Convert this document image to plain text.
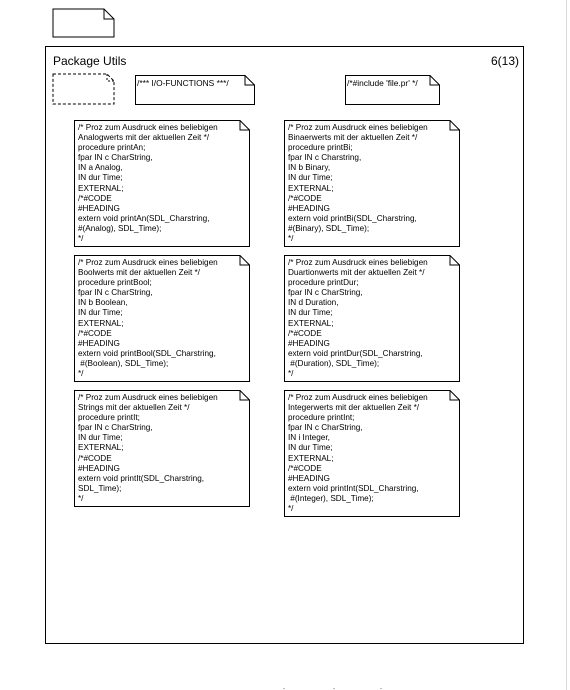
Package Utils	6(13)
/*** I/O-FUNCTIONS ***/	/*#include 'file.pr' */
/* Proz zum Ausdruck eines beliebigen
Analogwerts mit der aktuellen Zeit */
procedure printAn;
fpar IN c CharString,
IN a Analog,
IN dur Time;
EXTERNAL;
/*#CODE
#HEADING
extern void printAn(SDL_Charstring,
#(Analog), SDL_Time);
*/
/* Proz zum Ausdruck eines beliebigen
Binaerwerts mit der aktuellen Zeit */
procedure printBi;
fpar IN c Charstring,
IN b Binary,
IN dur Time;
EXTERNAL;
/*#CODE
#HEADING
extern void printBi(SDL_Charstring,
#(Binary), SDL_Time);
*/
/* Proz zum Ausdruck eines beliebigen
Boolwerts mit der aktuellen Zeit */
procedure printBool;
fpar IN c CharString,
IN b Boolean,
IN dur Time;
EXTERNAL;
/*#CODE
#HEADING
extern void printBool(SDL_Charstring,
#(Boolean), SDL_Time);
*/
/* Proz zum Ausdruck eines beliebigen
Duartionwerts mit der aktuellen Zeit */
procedure printDur;
fpar IN c CharString,
IN d Duration,
IN dur Time;
EXTERNAL;
/*#CODE
#HEADING
extern void printDur(SDL_Charstring,
#(Duration), SDL_Time);
*/
/* Proz zum Ausdruck eines beliebigen
Strings mit der aktuellen Zeit */
procedure printIt;
fpar IN c CharString,
IN dur Time;
EXTERNAL;
/*#CODE
#HEADING
extern void printIt(SDL_Charstring,
SDL_Time);
*/
/* Proz zum Ausdruck eines beliebigen
Integerwerts mit der aktuellen Zeit */
procedure printInt;
fpar IN c CharString,
IN i Integer,
IN dur Time;
EXTERNAL;
/*#CODE
#HEADING
extern void printInt(SDL_Charstring,
#(Integer), SDL_Time);
*/
